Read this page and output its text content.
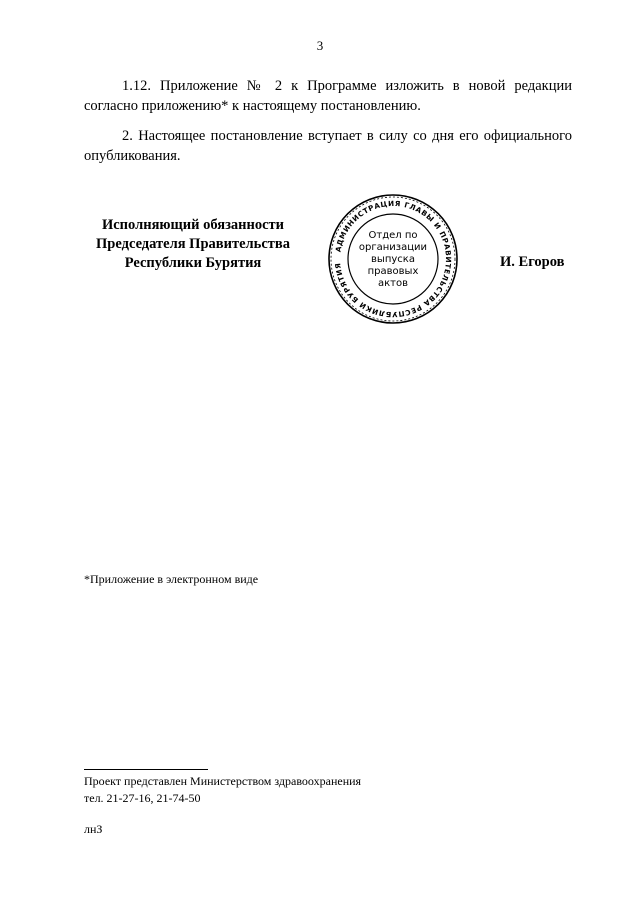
3

1.12. Приложение № 2 к Программе изложить в новой редакции согласно приложению* к настоящему постановлению.

2. Настоящее постановление вступает в силу со дня его официального опубликования.

Исполняющий обязанности
Председателя Правительства
Республики Бурятия
АДМИНИСТРАЦИЯ ГЛАВЫ И ПРАВИТЕЛЬСТВА РЕСПУБЛИКИ БУРЯТИЯ
Отдел по
организации
выпуска
правовых
актов
И. Егоров
*Приложение в электронном виде
Проект представлен Министерством здравоохранения
тел. 21-27-16, 21-74-50
лнЗ
